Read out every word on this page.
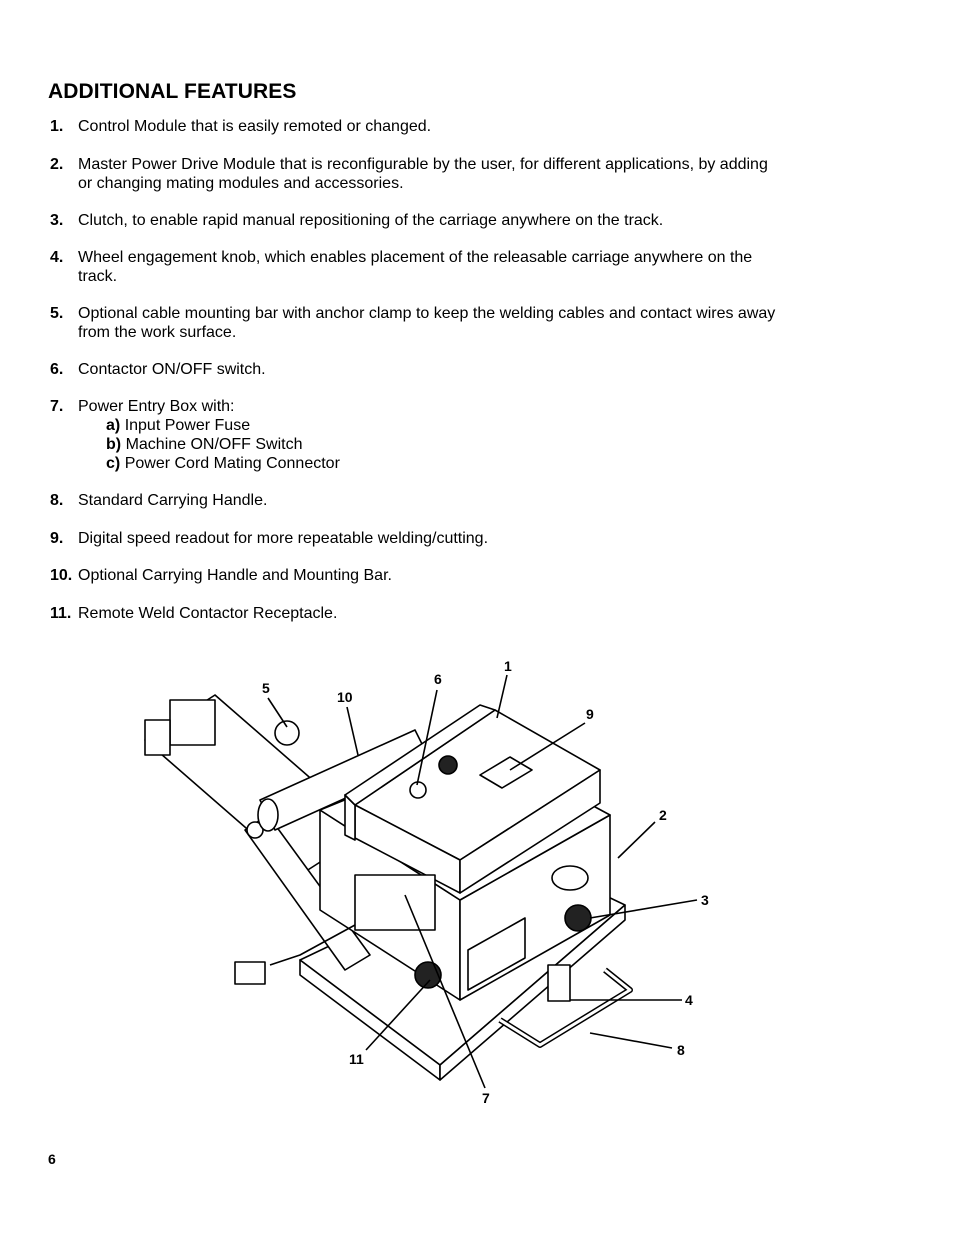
ADDITIONAL FEATURES
1. Control Module that is easily remoted or changed.
2. Master Power Drive Module that is reconfigurable by the user, for different applications, by adding or changing mating modules and accessories.
3. Clutch, to enable rapid manual repositioning of the carriage anywhere on the track.
4. Wheel engagement knob, which enables placement of the releasable carriage anywhere on the track.
5. Optional cable mounting bar with anchor clamp to keep the welding cables and contact wires away from the work surface.
6. Contactor ON/OFF switch.
7. Power Entry Box with:
a) Input Power Fuse
b) Machine ON/OFF Switch
c) Power Cord Mating Connector
8. Standard Carrying Handle.
9. Digital speed readout for more repeatable welding/cutting.
10. Optional Carrying Handle and Mounting Bar.
11. Remote Weld Contactor Receptacle.
1
2
3
4
5
6
7
8
9
10
11
6
